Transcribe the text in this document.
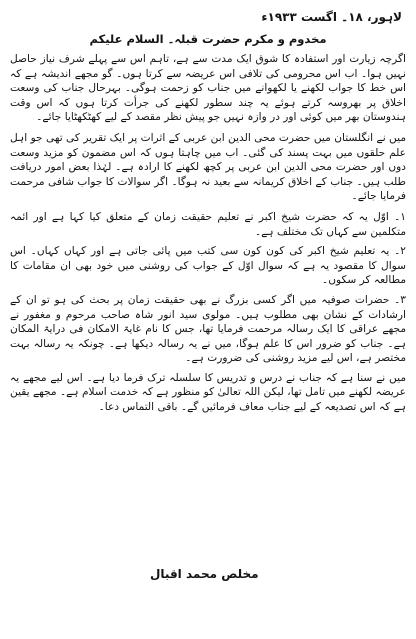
لاہور، ۱۸۔ اگست ۱۹۳۳ء
مخدوم و مکرم حضرت قبلہ۔ السلام علیکم

اگرچہ زیارت اور استفادہ کا شوق ایک مدت سے ہے، تاہم اس سے پہلے شرف نیاز حاصل نہیں ہوا۔ اب اس محرومی کی تلافی اس عریضہ سے کرتا ہوں۔ گو مجھے اندیشہ ہے کہ اس خط کا جواب لکھنے یا لکھوانے میں جناب کو زحمت ہوگی۔ بہرحال جناب کی وسعت اخلاق پر بھروسہ کرتے ہوئے یہ چند سطور لکھنے کی جرأت کرتا ہوں کہ اس وقت ہندوستان بھر میں کوئی اور در وازہ نہیں جو پیش نظر مقصد کے لیے کھٹکھٹایا جائے۔

میں نے انگلستان میں حضرت محی الدین ابن عربی کے اثرات پر ایک تقریر کی تھی جو اہل علم حلقوں میں بہت پسند کی گئی۔ اب میں چاہتا ہوں کہ اس مضمون کو مزید وسعت دوں اور حضرت محی الدین ابن عربی پر کچھ لکھنے کا ارادہ ہے۔ لہٰذا بعض امور دریافت طلب ہیں۔ جناب کے اخلاق کریمانہ سے بعید نہ ہوگا۔ اگر سوالات کا جواب شافی مرحمت فرمایا جائے۔

۱۔ اوّل یہ کہ حضرت شیخ اکبر نے تعلیم حقیقت زمان کے متعلق کیا کہا ہے اور ائمہ متکلمین سے کہاں تک مختلف ہے۔

۲۔ یہ تعلیم شیخ اکبر کی کون کون سی کتب میں پائی جاتی ہے اور کہاں کہاں۔ اس سوال کا مقصود یہ ہے کہ سوال اوّل کے جواب کی روشنی میں خود بھی ان مقامات کا مطالعہ کر سکوں۔

۳۔ حضرات صوفیہ میں اگر کسی بزرگ نے بھی حقیقت زمان پر بحث کی ہو تو ان کے ارشادات کے نشان بھی مطلوب ہیں۔ مولوی سید انور شاہ صاحب مرحوم و مغفور نے مجھے عراقی کا ایک رسالہ مرحمت فرمایا تھا، جس کا نام غایۃ الامکان فی درایۃ المکان ہے۔ جناب کو ضرور اس کا علم ہوگا، میں نے یہ رسالہ دیکھا ہے۔ چونکہ یہ رسالہ بہت مختصر ہے، اس لیے مزید روشنی کی ضرورت ہے۔

میں نے سنا ہے کہ جناب نے درس و تدریس کا سلسلہ ترک فرما دیا ہے۔ اس لیے مجھے یہ عریضہ لکھنے میں تامل تھا، لیکن اللہ تعالیٰ کو منظور ہے کہ خدمت اسلام ہے۔ مجھے یقین ہے کہ اس تصدیعہ کے لیے جناب معاف فرمائیں گے۔ باقی التماس دعا۔

مخلص محمد اقبال
